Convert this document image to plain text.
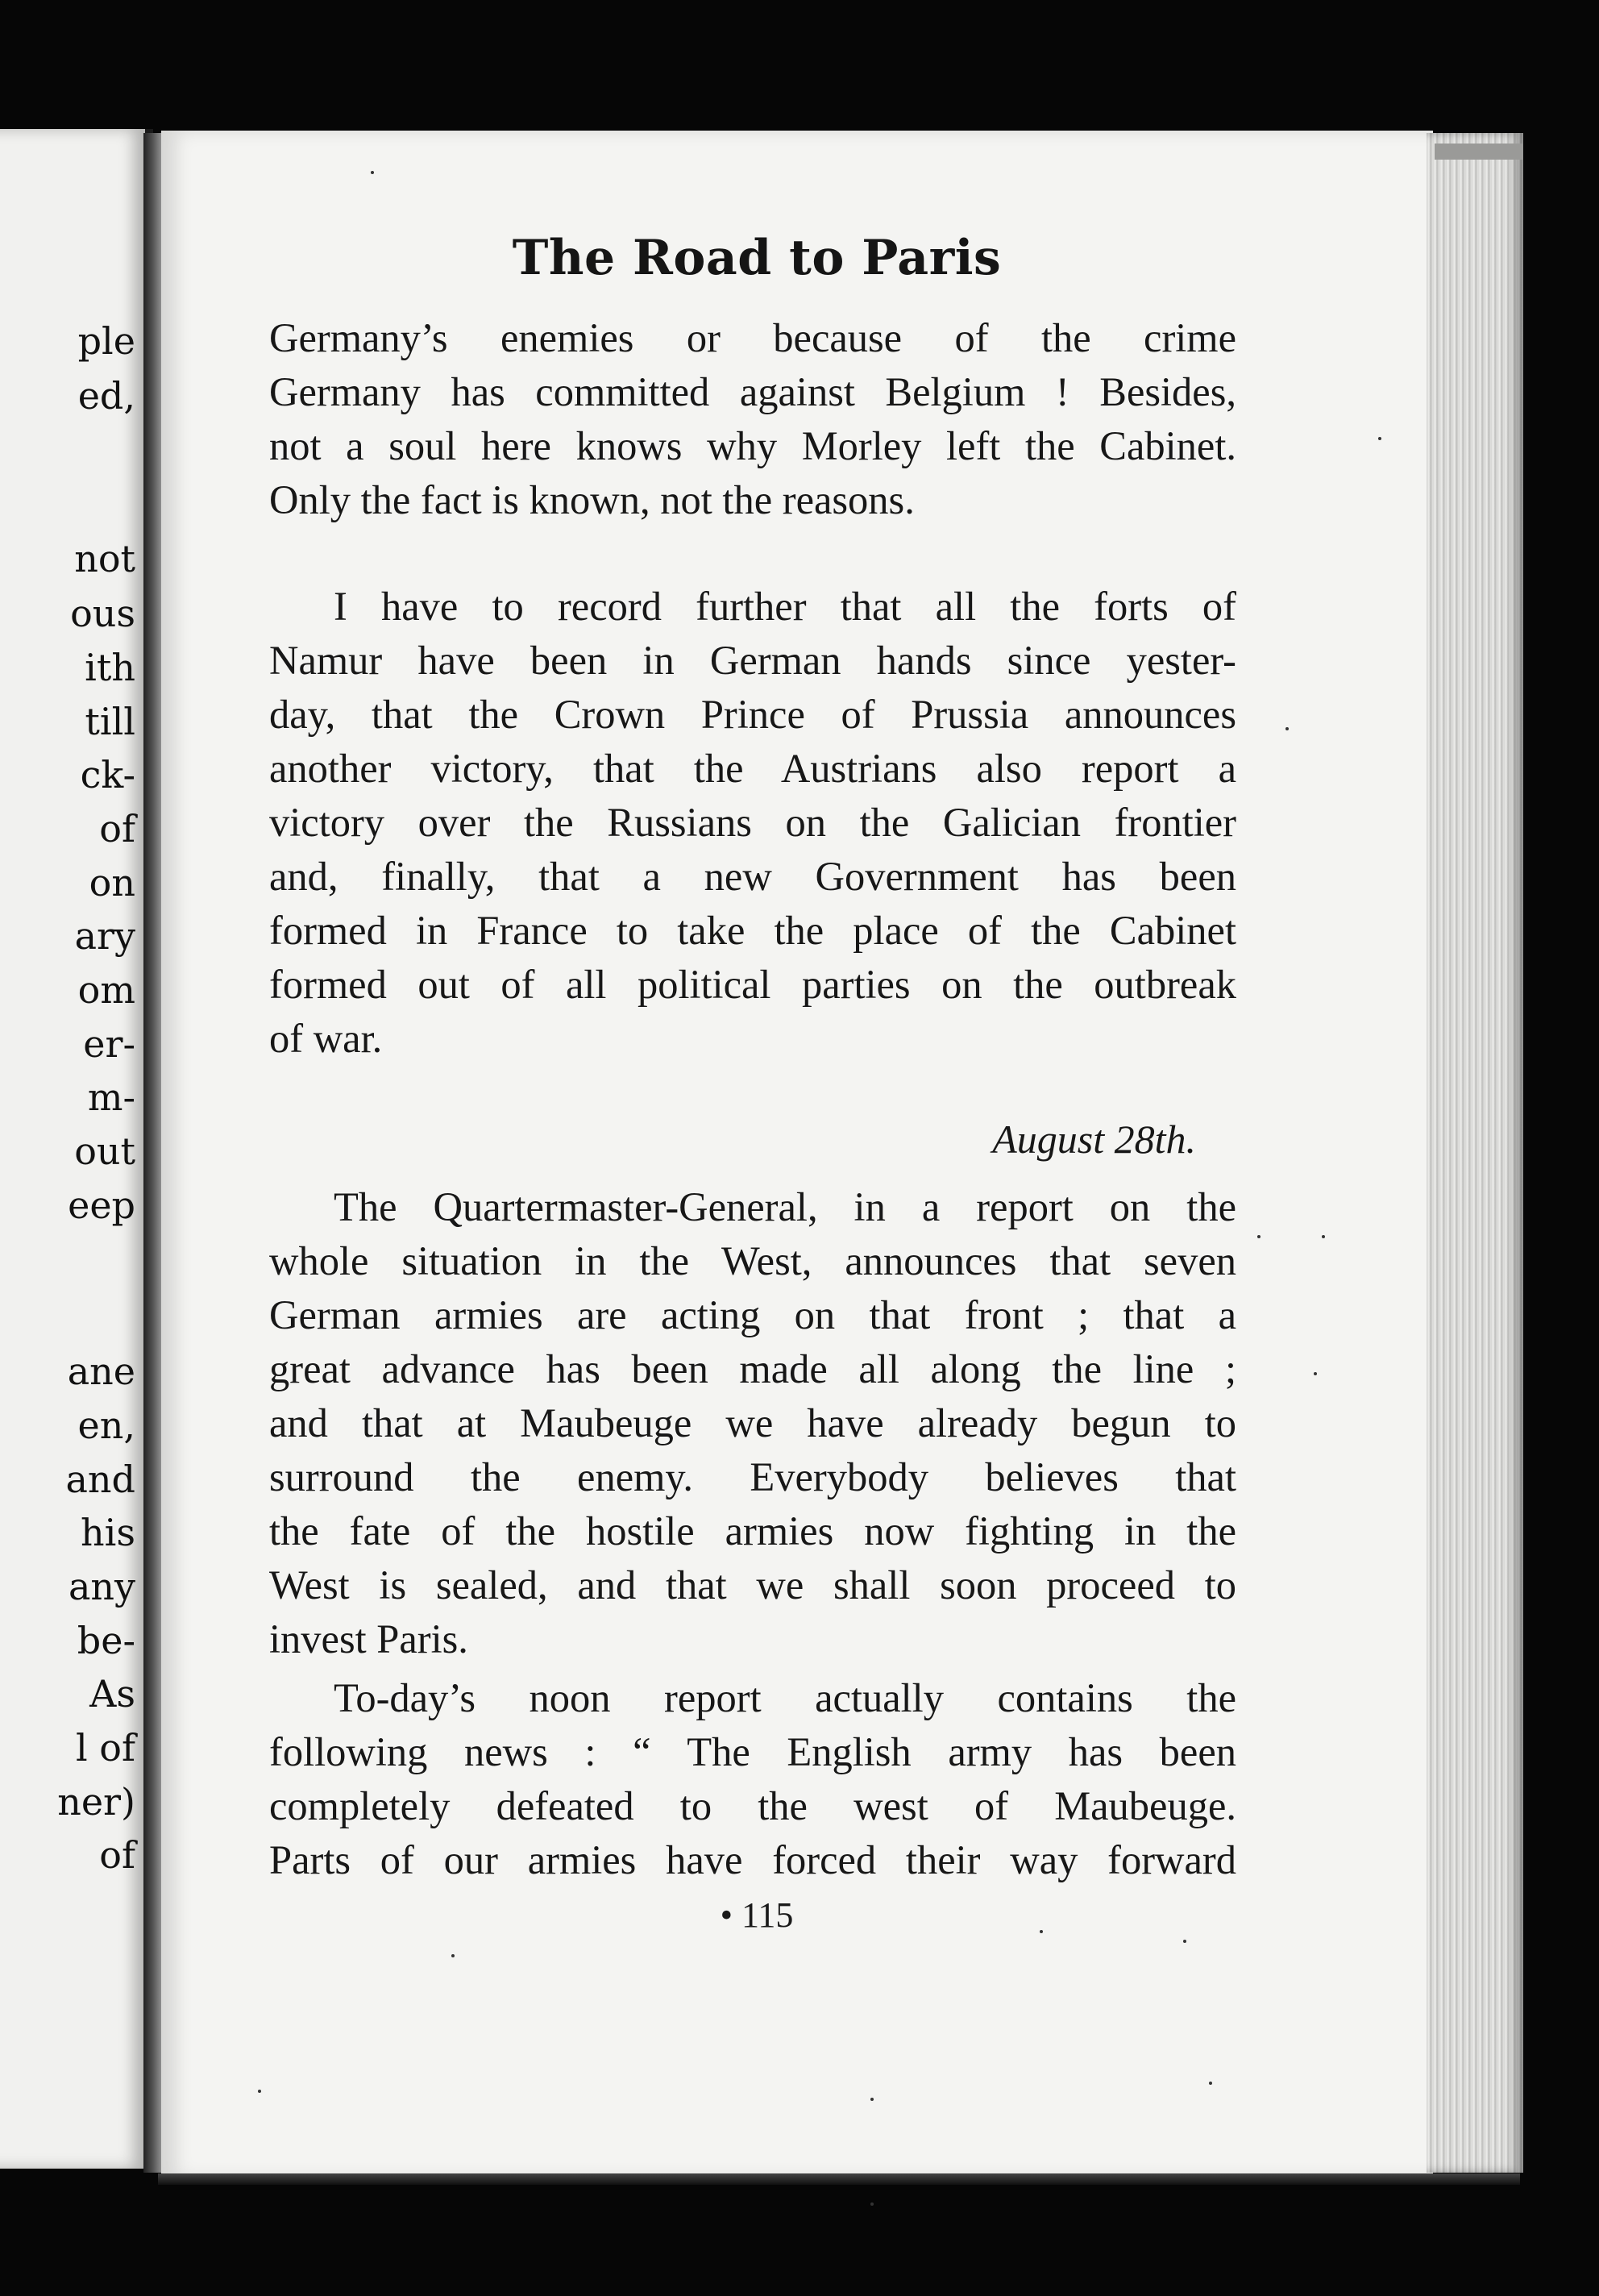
ple
ed,
not
ous
ith
till
ck-
of
on
ary
om
er-
m-
out
eep
ane
en,
and
his
any
be-
As
l of
ner)
of
The Road to Paris
Germany’s enemies or because of the crime
Germany has committed against Belgium ! Besides,
not a soul here knows why Morley left the Cabinet.
Only the fact is known, not the reasons.
I have to record further that all the forts of
Namur have been in German hands since yester-
day, that the Crown Prince of Prussia announces
another victory, that the Austrians also report a
victory over the Russians on the Galician frontier
and, finally, that a new Government has been
formed in France to take the place of the Cabinet
formed out of all political parties on the outbreak
of war.
August 28th.
The Quartermaster-General, in a report on the
whole situation in the West, announces that seven
German armies are acting on that front ; that a
great advance has been made all along the line ;
and that at Maubeuge we have already begun to
surround the enemy. Everybody believes that
the fate of the hostile armies now fighting in the
West is sealed, and that we shall soon proceed to
invest Paris.
To-day’s noon report actually contains the
following news : “ The English army has been
completely defeated to the west of Maubeuge.
Parts of our armies have forced their way forward
• 115
